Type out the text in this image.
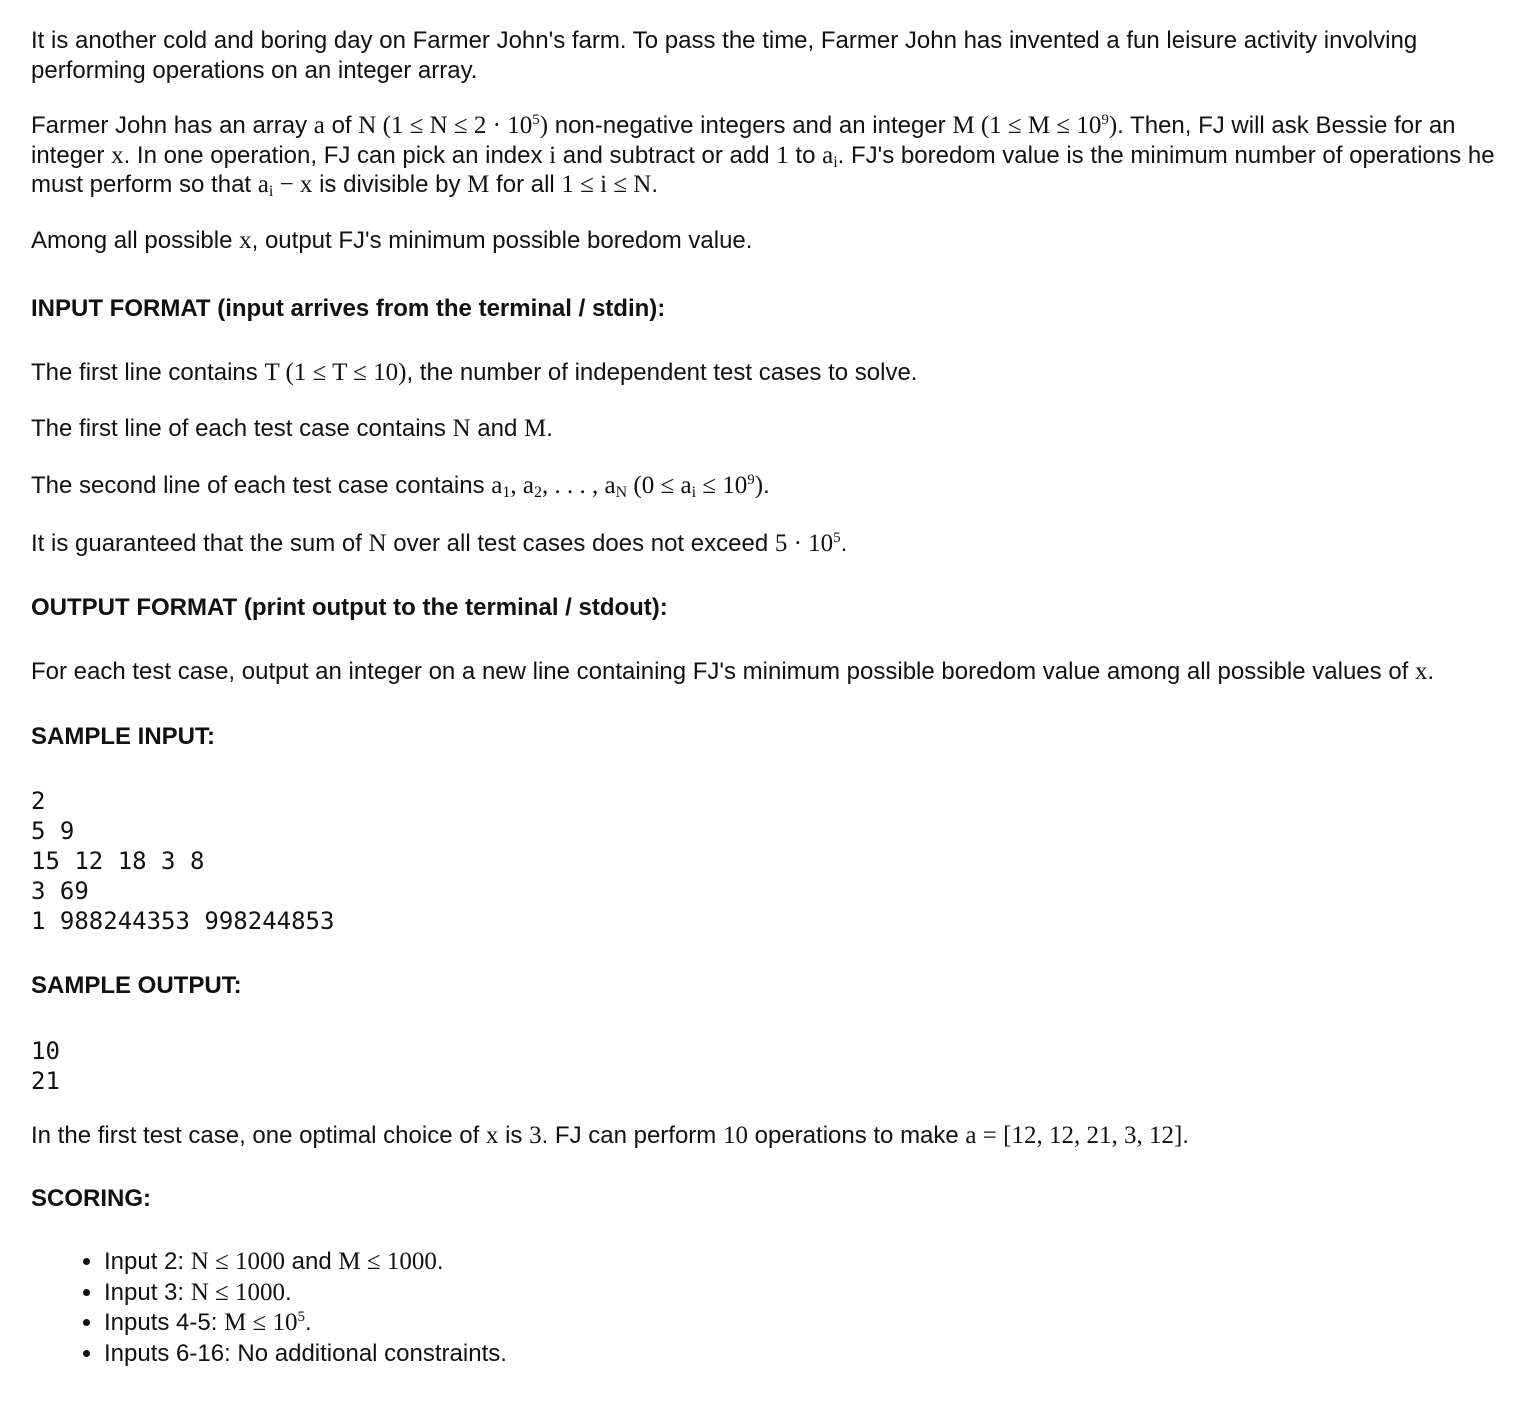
It is another cold and boring day on Farmer John's farm. To pass the time, Farmer John has invented a fun leisure activity involving performing operations on an integer array.

Farmer John has an array a of N $(1 \le N \le 2 \cdot 10^5)$ non-negative integers and an integer M $(1 \le M \le 10^9)$. Then, FJ will ask Bessie for an integer x. In one operation, FJ can pick an index i and subtract or add 1 to $a_i$. FJ's boredom value is the minimum number of operations he must perform so that $a_i - x$ is divisible by M for all 1 ≤ i ≤ N.

Among all possible x, output FJ's minimum possible boredom value.

INPUT FORMAT (input arrives from the terminal / stdin):

The first line contains T (1 ≤ T ≤ 10), the number of independent test cases to solve.

The first line of each test case contains N and M.

The second line of each test case contains $a_1$, $a_2$, . . . , $a_N$ $(0 \le a_i \le 10^9)$.

It is guaranteed that the sum of N over all test cases does not exceed $5 \cdot 10^5$.

OUTPUT FORMAT (print output to the terminal / stdout):

For each test case, output an integer on a new line containing FJ's minimum possible boredom value among all possible values of x.

SAMPLE INPUT:
2
5 9
15 12 18 3 8
3 69
1 988244353 998244853
SAMPLE OUTPUT:
10
21

In the first test case, one optimal choice of x is 3. FJ can perform 10 operations to make a = [12, 12, 21, 3, 12].

SCORING:
• Input 2: N ≤ 1000 and M ≤ 1000.
• Input 3: N ≤ 1000.
• Inputs 4-5: $M \le 10^5$.
• Inputs 6-16: No additional constraints.
